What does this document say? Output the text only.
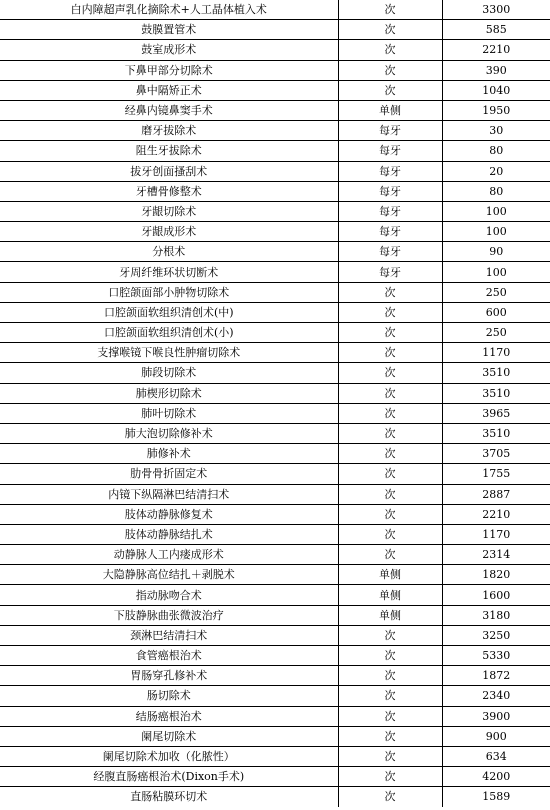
白内障超声乳化摘除术+人工晶体植入术	次	3300
鼓膜置管术	次	585
鼓室成形术	次	2210
下鼻甲部分切除术	次	390
鼻中隔矫正术	次	1040
经鼻内镜鼻窦手术	单侧	1950
磨牙拔除术	每牙	30
阻生牙拔除术	每牙	80
拔牙创面搔刮术	每牙	20
牙槽骨修整术	每牙	80
牙龈切除术	每牙	100
牙龈成形术	每牙	100
分根术	每牙	90
牙周纤维环状切断术	每牙	100
口腔颌面部小肿物切除术	次	250
口腔颌面软组织清创术(中)	次	600
口腔颌面软组织清创术(小)	次	250
支撑喉镜下喉良性肿瘤切除术	次	1170
肺段切除术	次	3510
肺楔形切除术	次	3510
肺叶切除术	次	3965
肺大泡切除修补术	次	3510
肺修补术	次	3705
肋骨骨折固定术	次	1755
内镜下纵隔淋巴结清扫术	次	2887
肢体动静脉修复术	次	2210
肢体动静脉结扎术	次	1170
动静脉人工内瘘成形术	次	2314
大隐静脉高位结扎＋剥脱术	单侧	1820
指动脉吻合术	单侧	1600
下肢静脉曲张微波治疗	单侧	3180
颈淋巴结清扫术	次	3250
食管癌根治术	次	5330
胃肠穿孔修补术	次	1872
肠切除术	次	2340
结肠癌根治术	次	3900
阑尾切除术	次	900
阑尾切除术加收（化脓性）	次	634
经腹直肠癌根治术(Dixon手术)	次	4200
直肠粘膜环切术	次	1589
